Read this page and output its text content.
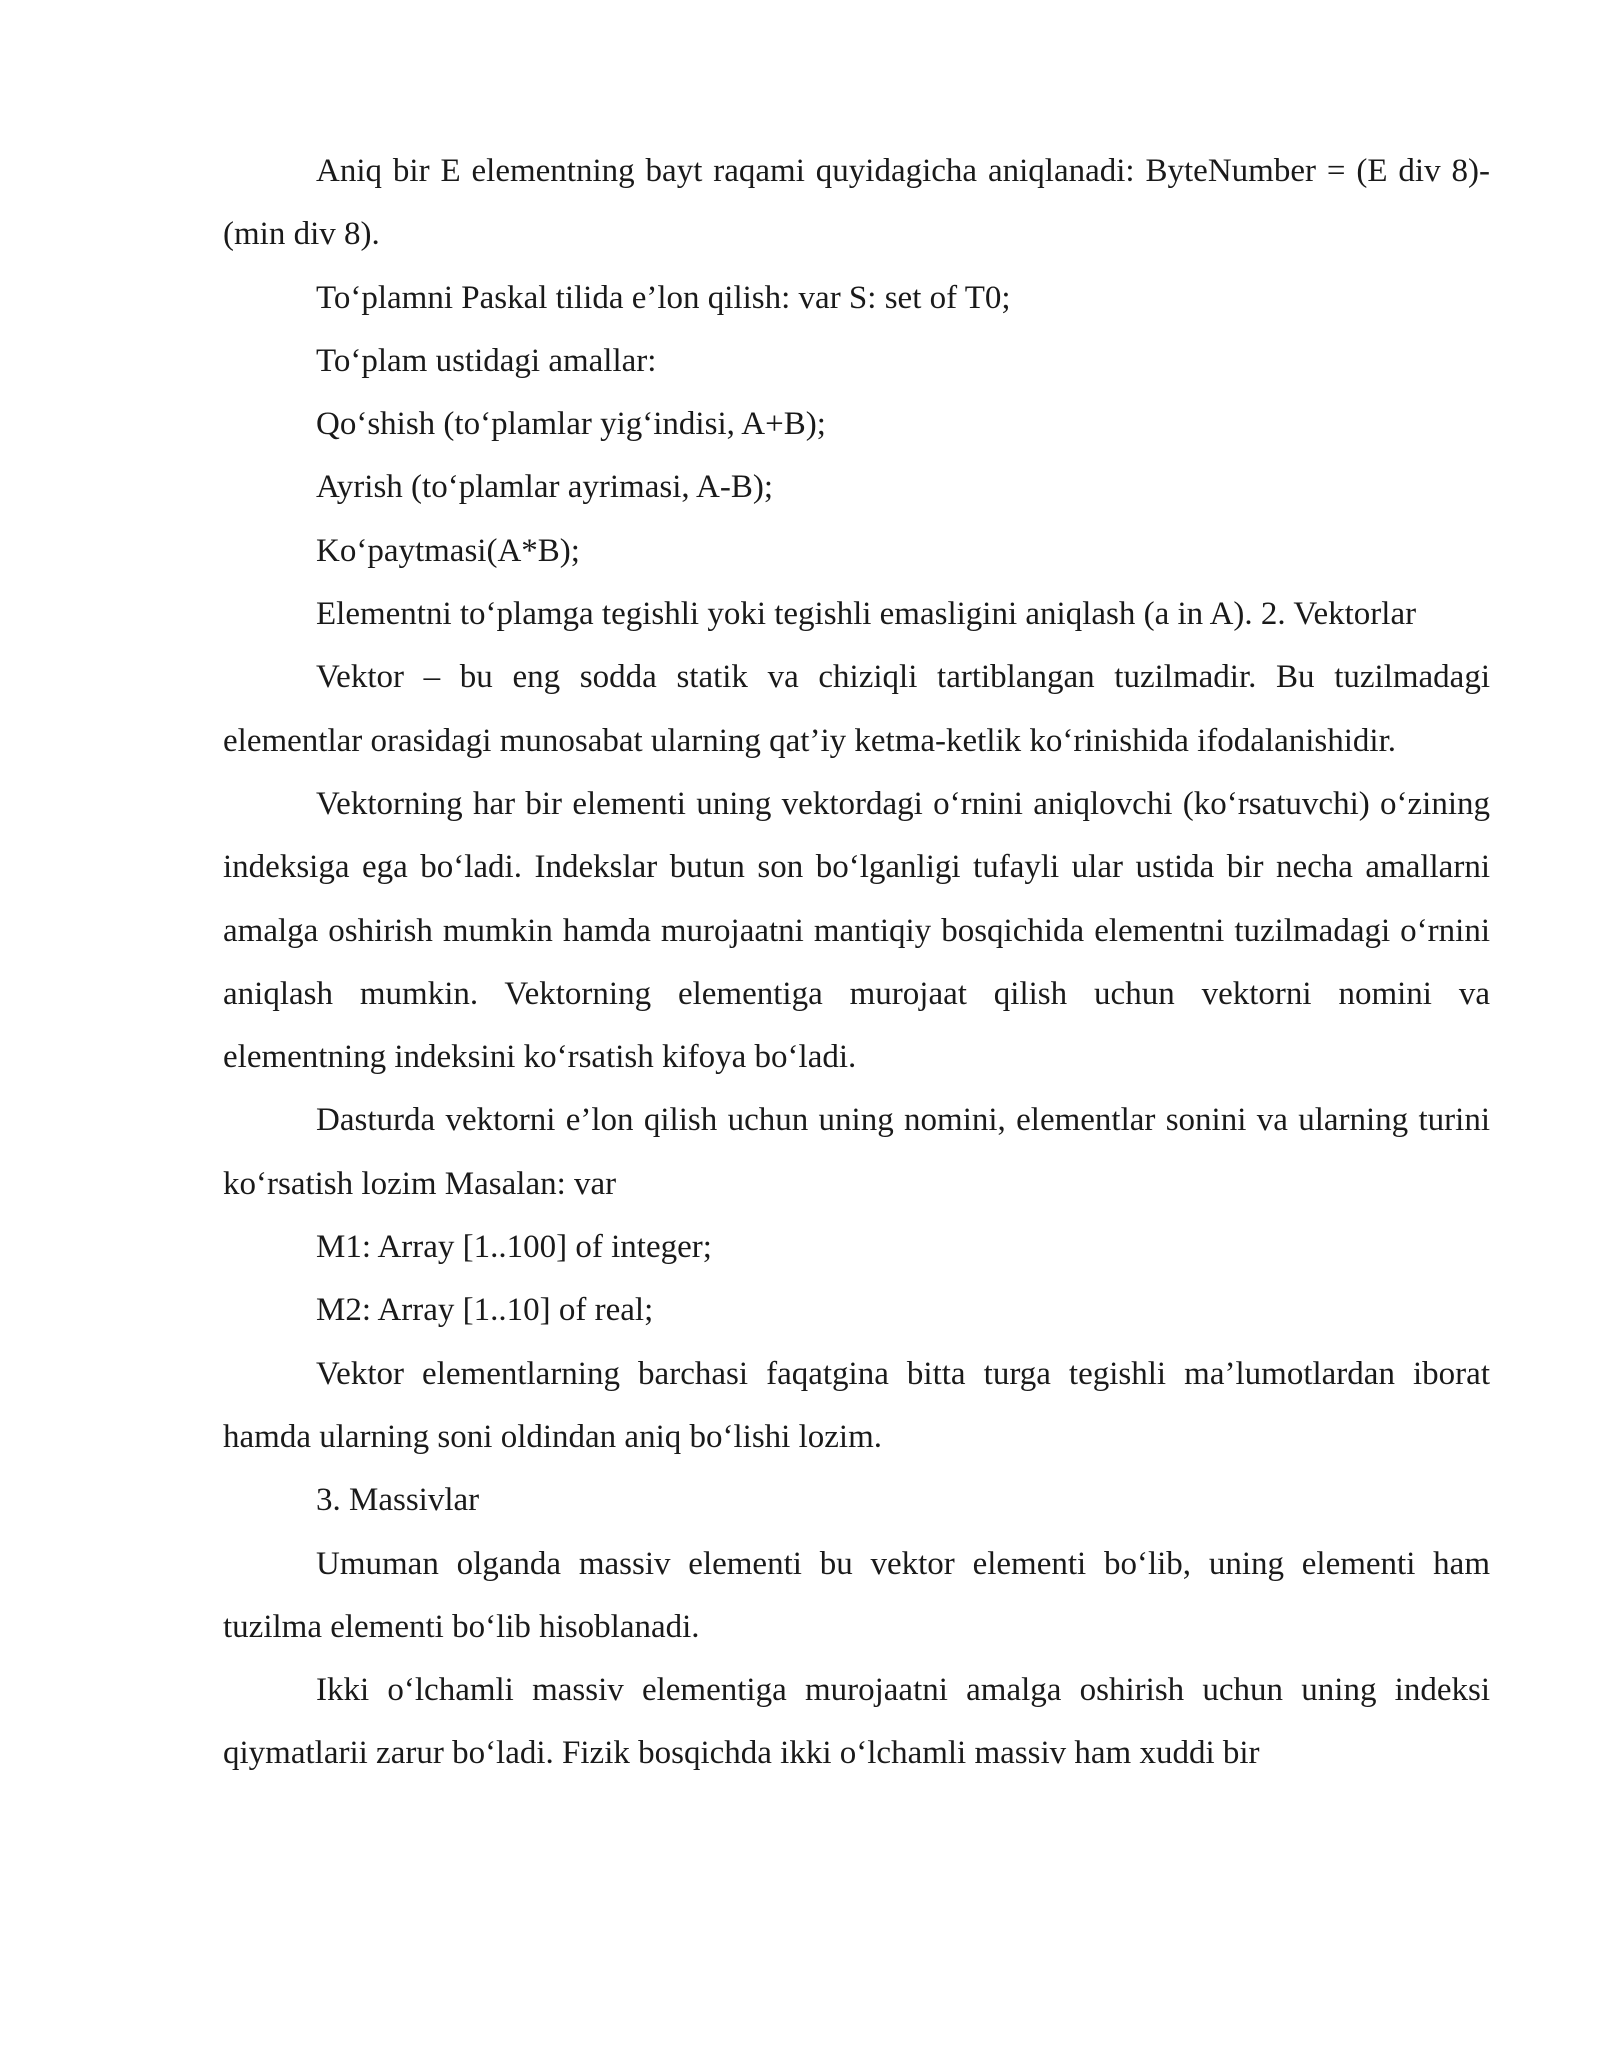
Aniq bir E elementning bayt raqami quyidagicha aniqlanadi: ByteNumber = (E div 8)-(min div 8).

To‘plamni Paskal tilida e’lon qilish: var S: set of T0;

To‘plam ustidagi amallar:

Qo‘shish (to‘plamlar yig‘indisi, A+B);

Ayrish (to‘plamlar ayrimasi, A-B);

Ko‘paytmasi(A*B);

Elementni to‘plamga tegishli yoki tegishli emasligini aniqlash (a in A). 2. Vektorlar

Vektor – bu eng sodda statik va chiziqli tartiblangan tuzilmadir. Bu tuzilmadagi elementlar orasidagi munosabat ularning qat’iy ketma-ketlik ko‘rinishida ifodalanishidir.

Vektorning har bir elementi uning vektordagi o‘rnini aniqlovchi (ko‘rsatuvchi) o‘zining indeksiga ega bo‘ladi. Indekslar butun son bo‘lganligi tufayli ular ustida bir necha amallarni amalga oshirish mumkin hamda murojaatni mantiqiy bosqichida elementni tuzilmadagi o‘rnini aniqlash mumkin. Vektorning elementiga murojaat qilish uchun vektorni nomini va elementning indeksini ko‘rsatish kifoya bo‘ladi.

Dasturda vektorni e’lon qilish uchun uning nomini, elementlar sonini va ularning turini ko‘rsatish lozim Masalan: var

M1: Array [1..100] of integer;

M2: Array [1..10] of real;

Vektor elementlarning barchasi faqatgina bitta turga tegishli ma’lumotlardan iborat hamda ularning soni oldindan aniq bo‘lishi lozim.

3. Massivlar

Umuman olganda massiv elementi bu vektor elementi bo‘lib, uning elementi ham tuzilma elementi bo‘lib hisoblanadi.

Ikki o‘lchamli massiv elementiga murojaatni amalga oshirish uchun uning indeksi qiymatlarii zarur bo‘ladi. Fizik bosqichda ikki o‘lchamli massiv ham xuddi bir
